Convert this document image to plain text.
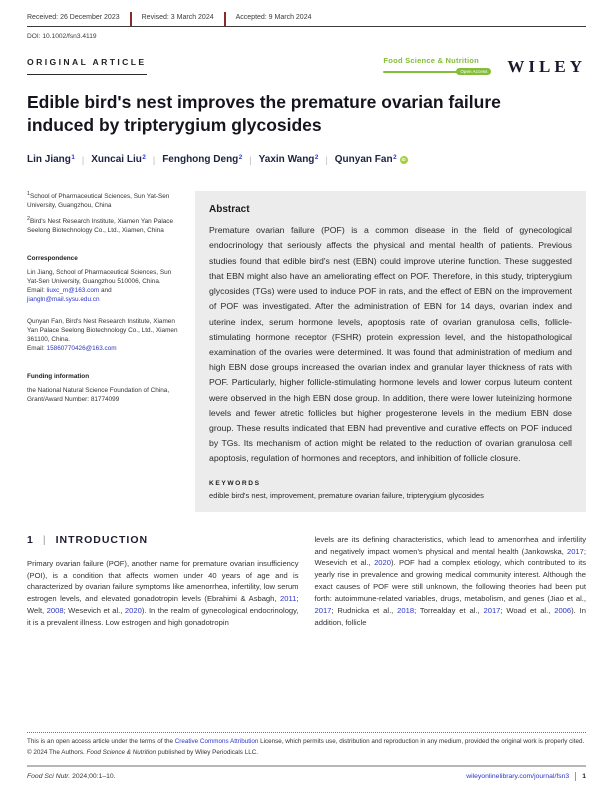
Received: 26 December 2023	Revised: 3 March 2024	Accepted: 9 March 2024
DOI: 10.1002/fsn3.4119
ORIGINAL ARTICLE	Food Science & Nutrition
Open Access WILEY
Edible bird's nest improves the premature ovarian failure induced by tripterygium glycosides
Lin Jiang 1 | Xuncai Liu 2 | Fenghong Deng 2 | Yaxin Wang 2 | Qunyan Fan 2	iD

$^1$School of Pharmaceutical Sciences, Sun Yat-Sen University, Guangzhou, China

$^2$Bird's Nest Research Institute, Xiamen Yan Palace Seelong Biotechnology Co., Ltd., Xiamen, China

Correspondence

Lin Jiang, School of Pharmaceutical Sciences, Sun Yat-Sen University, Guangzhou 510006, China.
Email: liuxc_m@163.com and jiangln@mail.sysu.edu.cn

Qunyan Fan, Bird's Nest Research Institute, Xiamen Yan Palace Seelong Biotechnology Co., Ltd., Xiamen 361100, China.
Email: 15860770426@163.com

Funding information

the National Natural Science Foundation of China, Grant/Award Number: 81774099

Abstract
Premature ovarian failure (POF) is a common disease in the field of gynecological endocrinology that seriously affects the physical and mental health of patients. Previous studies found that edible bird's nest (EBN) could improve uterine function. These suggested that EBN might also have an ameliorating effect on POF. Therefore, in this study, tripterygium glycosides (TGs) were used to induce POF in rats, and the effect of EBN on the improvement of POF was investigated. After the administration of EBN for 14 days, ovarian index and uterine index, serum hormone levels, apoptosis rate of ovarian granulosa cells, follicle-stimulating hormone receptor (FSHR) protein expression level, and the histopathological examination of the ovaries were determined. It was found that administration of medium and high EBN dose groups increased the ovarian index and granular layer thickness of rats with POF. Particularly, higher follicle-stimulating hormone levels and lower corpus luteum content were observed in the high EBN dose group. In addition, there were lower luteinizing hormone levels and fewer atretic follicles but higher progesterone levels in the medium EBN dose group. These results indicated that EBN had preventive and curative effects on POF induced by TGs. Its mechanism of action might be related to the reduction of ovarian granulosa cell apoptosis, regulation of hormones and receptors, and inhibition of follicle closure.
KEYWORDS
edible bird's nest, improvement, premature ovarian failure, tripterygium glycosides
1 | INTRODUCTION

Primary ovarian failure (POF), another name for premature ovarian insufficiency (POI), is a condition that affects women under 40 years of age and is characterized by ovarian failure symptoms like amenorrhea, infertility, low serum estrogen levels, and elevated gonadotropin levels (Ebrahimi & Asbagh, 2011; Welt, 2008; Wesevich et al., 2020). In the realm of gynecological endocrinology, it is a prevalent illness. Low estrogen and high gonadotropin

levels are its defining characteristics, which lead to amenorrhea and infertility and negatively impact women's physical and mental health (Jankowska, 2017; Wesevich et al., 2020). POF had a complex etiology, which contributed to its yearly rise in prevalence and growing medical community interest. Although the exact causes of POF were still unknown, the following theories had been put forth: autoimmune-related variables, drugs, metabolism, and genes (Jiao et al., 2017; Rudnicka et al., 2018; Torrealday et al., 2017; Woad et al., 2006). In addition, follicle

This is an open access article under the terms of the Creative Commons Attribution License, which permits use, distribution and reproduction in any medium, provided the original work is properly cited.

© 2024 The Authors. Food Science & Nutrition published by Wiley Periodicals LLC.

Food Sci Nutr. 2024;00:1–10.	wileyonlinelibrary.com/journal/fsn3 1
